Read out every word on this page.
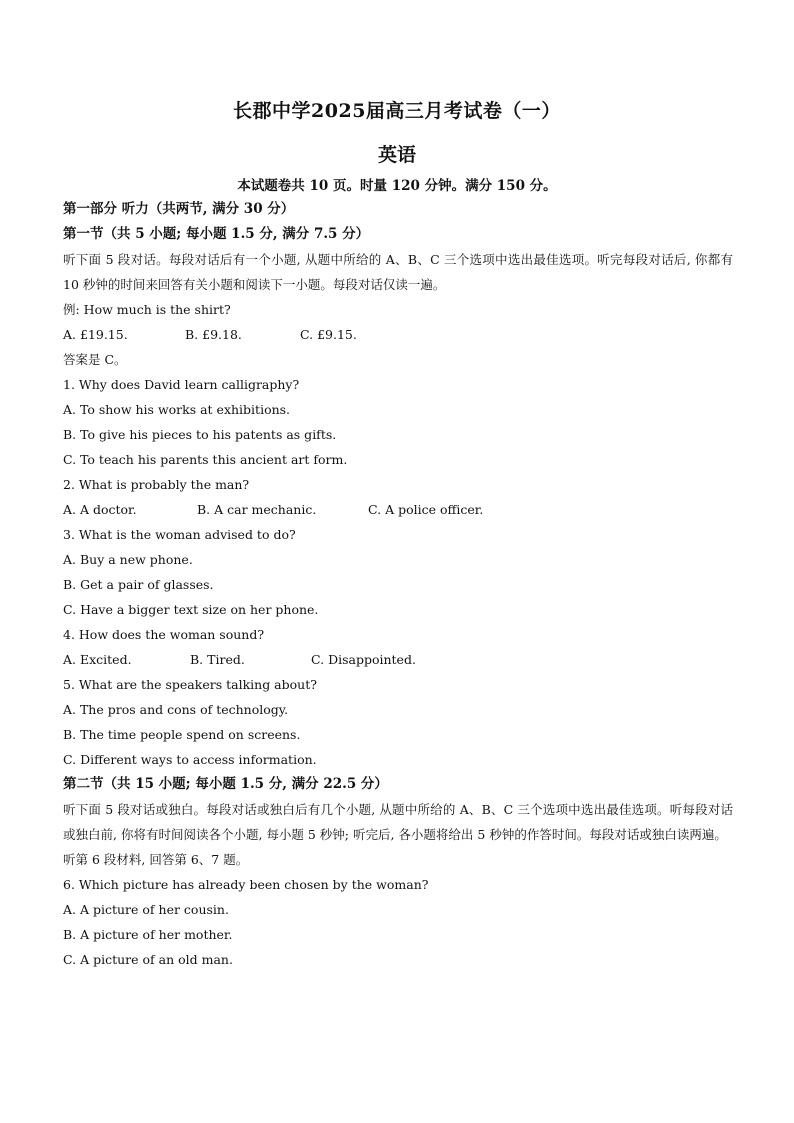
长郡中学2025届高三月考试卷（一）
英语
本试题卷共 10 页。时量 120 分钟。满分 150 分。
第一部分 听力（共两节, 满分 30 分）
第一节（共 5 小题; 每小题 1.5 分, 满分 7.5 分）
听下面 5 段对话。每段对话后有一个小题, 从题中所给的 A、B、C 三个选项中选出最佳选项。听完每段对话后, 你都有 10 秒钟的时间来回答有关小题和阅读下一小题。每段对话仅读一遍。
例: How much is the shirt?
A. £19.15.	B. £9.18.	C. £9.15.
答案是 C。
1. Why does David learn calligraphy?
A. To show his works at exhibitions.
B. To give his pieces to his patents as gifts.
C. To teach his parents this ancient art form.
2. What is probably the man?
A. A doctor.	B. A car mechanic.	C. A police officer.
3. What is the woman advised to do?
A. Buy a new phone.
B. Get a pair of glasses.
C. Have a bigger text size on her phone.
4. How does the woman sound?
A. Excited.	B. Tired.	C. Disappointed.
5. What are the speakers talking about?
A. The pros and cons of technology.
B. The time people spend on screens.
C. Different ways to access information.
第二节（共 15 小题; 每小题 1.5 分, 满分 22.5 分）
听下面 5 段对话或独白。每段对话或独白后有几个小题, 从题中所给的 A、B、C 三个选项中选出最佳选项。听每段对话或独白前, 你将有时间阅读各个小题, 每小题 5 秒钟; 听完后, 各小题将给出 5 秒钟的作答时间。每段对话或独白读两遍。
听第 6 段材料, 回答第 6、7 题。
6. Which picture has already been chosen by the woman?
A. A picture of her cousin.
B. A picture of her mother.
C. A picture of an old man.
